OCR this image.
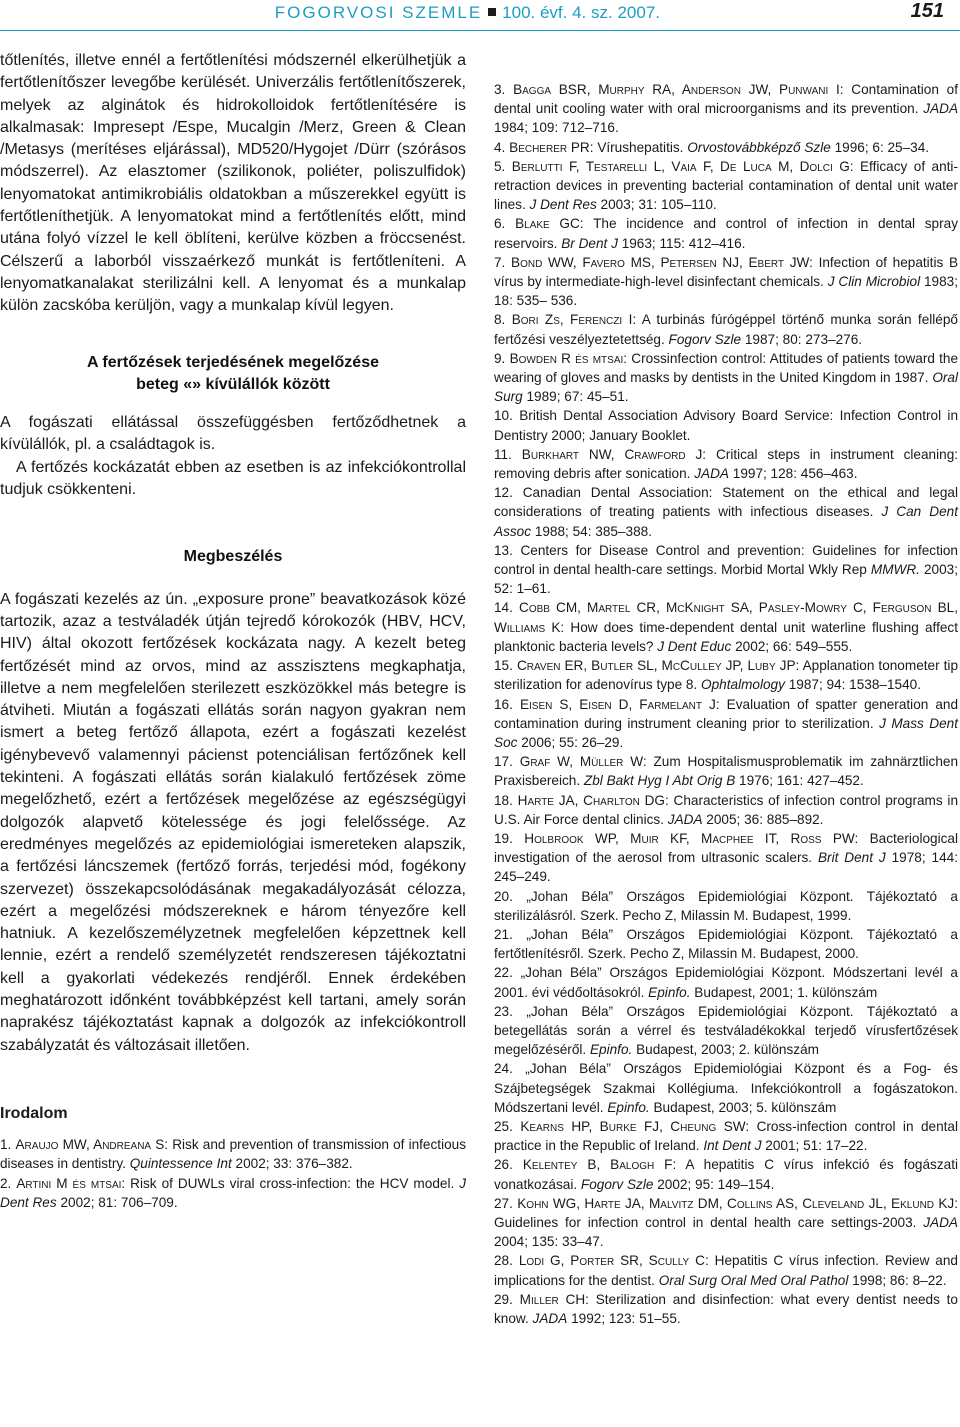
FOGORVOSI SZEMLE 100. évf. 4. sz. 2007.	151

tőtlenítés, illetve ennél a fertőtlenítési módszernél elkerülhetjük a fertőtlenítőszer levegőbe kerülését. Univerzális fertőtlenítőszerek, melyek az alginátok és hidrokolloidok fertőtlenítésére is alkalmasak: Impresept /Espe, Mucalgin /Merz, Green & Clean /Metasys (merítéses eljárással), MD520/Hygojet /Dürr (szórásos módszerrel). Az elasztomer (szilikonok, poliéter, poliszulfidok) lenyomatokat antimikrobiális oldatokban a műszerekkel együtt is fertőtleníthetjük. A lenyomatokat mind a fertőtlenítés előtt, mind utána folyó vízzel le kell öblíteni, kerülve közben a fröccsenést. Célszerű a laborból visszaérkező munkát is fertőtleníteni. A lenyomatkanalakat sterilizálni kell. A lenyomat és a munkalap külön zacskóba kerüljön, vagy a munkalap kívül legyen.

A fertőzések terjedésének megelőzése
beteg «» kívülállók között

A fogászati ellátással összefüggésben fertőződhetnek a kívülállók, pl. a családtagok is.

A fertőzés kockázatát ebben az esetben is az infekciókontrollal tudjuk csökkenteni.

Megbeszélés

A fogászati kezelés az ún. „exposure prone” beavatkozások közé tartozik, azaz a testváladék útján tejredő kórokozók (HBV, HCV, HIV) által okozott fertőzések kockázata nagy. A kezelt beteg fertőzését mind az orvos, mind az asszisztens megkaphatja, illetve a nem megfelelően sterilezett eszközökkel más betegre is átviheti. Miután a fogászati ellátás során nagyon gyakran nem ismert a beteg fertőző állapota, ezért a fogászati kezelést igénybevevő valamennyi pácienst potenciálisan fertőzőnek kell tekinteni. A fogászati ellátás során kialakuló fertőzések zöme megelőzhető, ezért a fertőzések megelőzése az egészségügyi dolgozók alapvető kötelessége és jogi felelőssége. Az eredményes megelőzés az epidemiológiai ismereteken alapszik, a fertőzési láncszemek (fertőző forrás, terjedési mód, fogékony szervezet) összekapcsolódásának megakadályozását célozza, ezért a megelőzési módszereknek e három tényezőre kell hatniuk. A kezelőszemélyzetnek megfelelően képzettnek kell lennie, ezért a rendelő személyzetét rendszeresen tájékoztatni kell a gyakorlati védekezés rendjéről. Ennek érdekében meghatározott időnként továbbképzést kell tartani, amely során naprakész tájékoztatást kapnak a dolgozók az infekciókontroll szabályzatát és változásait illetően.

Irodalom

1. Araujo MW, Andreana S: Risk and prevention of transmission of infectious diseases in dentistry. Quintessence Int 2002; 33: 376–382.

2. Artini M és mtsai: Risk of DUWLs viral cross-infection: the HCV model. J Dent Res 2002; 81: 706–709.

3. Bagga BSR, Murphy RA, Anderson JW, Punwani I: Contamination of dental unit cooling water with oral microorganisms and its prevention. JADA 1984; 109: 712–716.

4. Becherer PR: Vírushepatitis. Orvostovábbképző Szle 1996; 6: 25–34.

5. Berlutti F, Testarelli L, Vaia F, De Luca M, Dolci G: Efficacy of anti-retraction devices in preventing bacterial contamination of dental unit water lines. J Dent Res 2003; 31: 105–110.

6. Blake GC: The incidence and control of infection in dental spray reservoirs. Br Dent J 1963; 115: 412–416.

7. Bond WW, Favero MS, Petersen NJ, Ebert JW: Infection of hepatitis B vírus by intermediate-high-level disinfectant chemicals. J Clin Microbiol 1983; 18: 535– 536.

8. Bori Zs, Ferenczi I: A turbinás fúrógéppel történő munka során fellépő fertőzési veszélyeztetettség. Fogorv Szle 1987; 80: 273–276.

9. Bowden R és mtsai: Crossinfection control: Attitudes of patients toward the wearing of gloves and masks by dentists in the United Kingdom in 1987. Oral Surg 1989; 67: 45–51.

10. British Dental Association Advisory Board Service: Infection Control in Dentistry 2000; January Booklet.

11. Burkhart NW, Crawford J: Critical steps in instrument cleaning: removing debris after sonication. JADA 1997; 128: 456–463.

12. Canadian Dental Association: Statement on the ethical and legal considerations of treating patients with infectious diseases. J Can Dent Assoc 1988; 54: 385–388.

13. Centers for Disease Control and prevention: Guidelines for infection control in dental health-care settings. Morbid Mortal Wkly Rep MMWR. 2003; 52: 1–61.

14. Cobb CM, Martel CR, McKnight SA, Pasley-Mowry C, Ferguson BL, Williams K: How does time-dependent dental unit waterline flushing affect planktonic bacteria levels? J Dent Educ 2002; 66: 549–555.

15. Craven ER, Butler SL, McCulley JP, Luby JP: Applanation tonometer tip sterilization for adenovírus type 8. Ophtalmology 1987; 94: 1538–1540.

16. Eisen S, Eisen D, Farmelant J: Evaluation of spatter generation and contamination during instrument cleaning prior to sterilization. J Mass Dent Soc 2006; 55: 26–29.

17. Graf W, Müller W: Zum Hospitalismusproblematik im zahnärztlichen Praxisbereich. Zbl Bakt Hyg I Abt Orig B 1976; 161: 427–452.

18. Harte JA, Charlton DG: Characteristics of infection control programs in U.S. Air Force dental clinics. JADA 2005; 36: 885–892.

19. Holbrook WP, Muir KF, Macphee IT, Ross PW: Bacteriological investigation of the aerosol from ultrasonic scalers. Brit Dent J 1978; 144: 245–249.

20. „Johan Béla” Országos Epidemiológiai Központ. Tájékoztató a sterilizálásról. Szerk. Pecho Z, Milassin M. Budapest, 1999.

21. „Johan Béla” Országos Epidemiológiai Központ. Tájékoztató a fertőtlenítésről. Szerk. Pecho Z, Milassin M. Budapest, 2000.

22. „Johan Béla” Országos Epidemiológiai Központ. Módszertani levél a 2001. évi védőoltásokról. Epinfo. Budapest, 2001; 1. különszám

23. „Johan Béla” Országos Epidemiológiai Központ. Tájékoztató a betegellátás során a vérrel és testváladékokkal terjedő vírusfertőzések megelőzéséről. Epinfo. Budapest, 2003; 2. különszám

24. „Johan Béla” Országos Epidemiológiai Központ és a Fog- és Szájbetegségek Szakmai Kollégiuma. Infekciókontroll a fogászatokon. Módszertani levél. Epinfo. Budapest, 2003; 5. különszám

25. Kearns HP, Burke FJ, Cheung SW: Cross-infection control in dental practice in the Republic of Ireland. Int Dent J 2001; 51: 17–22.

26. Kelentey B, Balogh F: A hepatitis C vírus infekció és fogászati vonatkozásai. Fogorv Szle 2002; 95: 149–154.

27. Kohn WG, Harte JA, Malvitz DM, Collins AS, Cleveland JL, Eklund KJ: Guidelines for infection control in dental health care settings-2003. JADA 2004; 135: 33–47.

28. Lodi G, Porter SR, Scully C: Hepatitis C vírus infection. Review and implications for the dentist. Oral Surg Oral Med Oral Pathol 1998; 86: 8–22.

29. Miller CH: Sterilization and disinfection: what every dentist needs to know. JADA 1992; 123: 51–55.
